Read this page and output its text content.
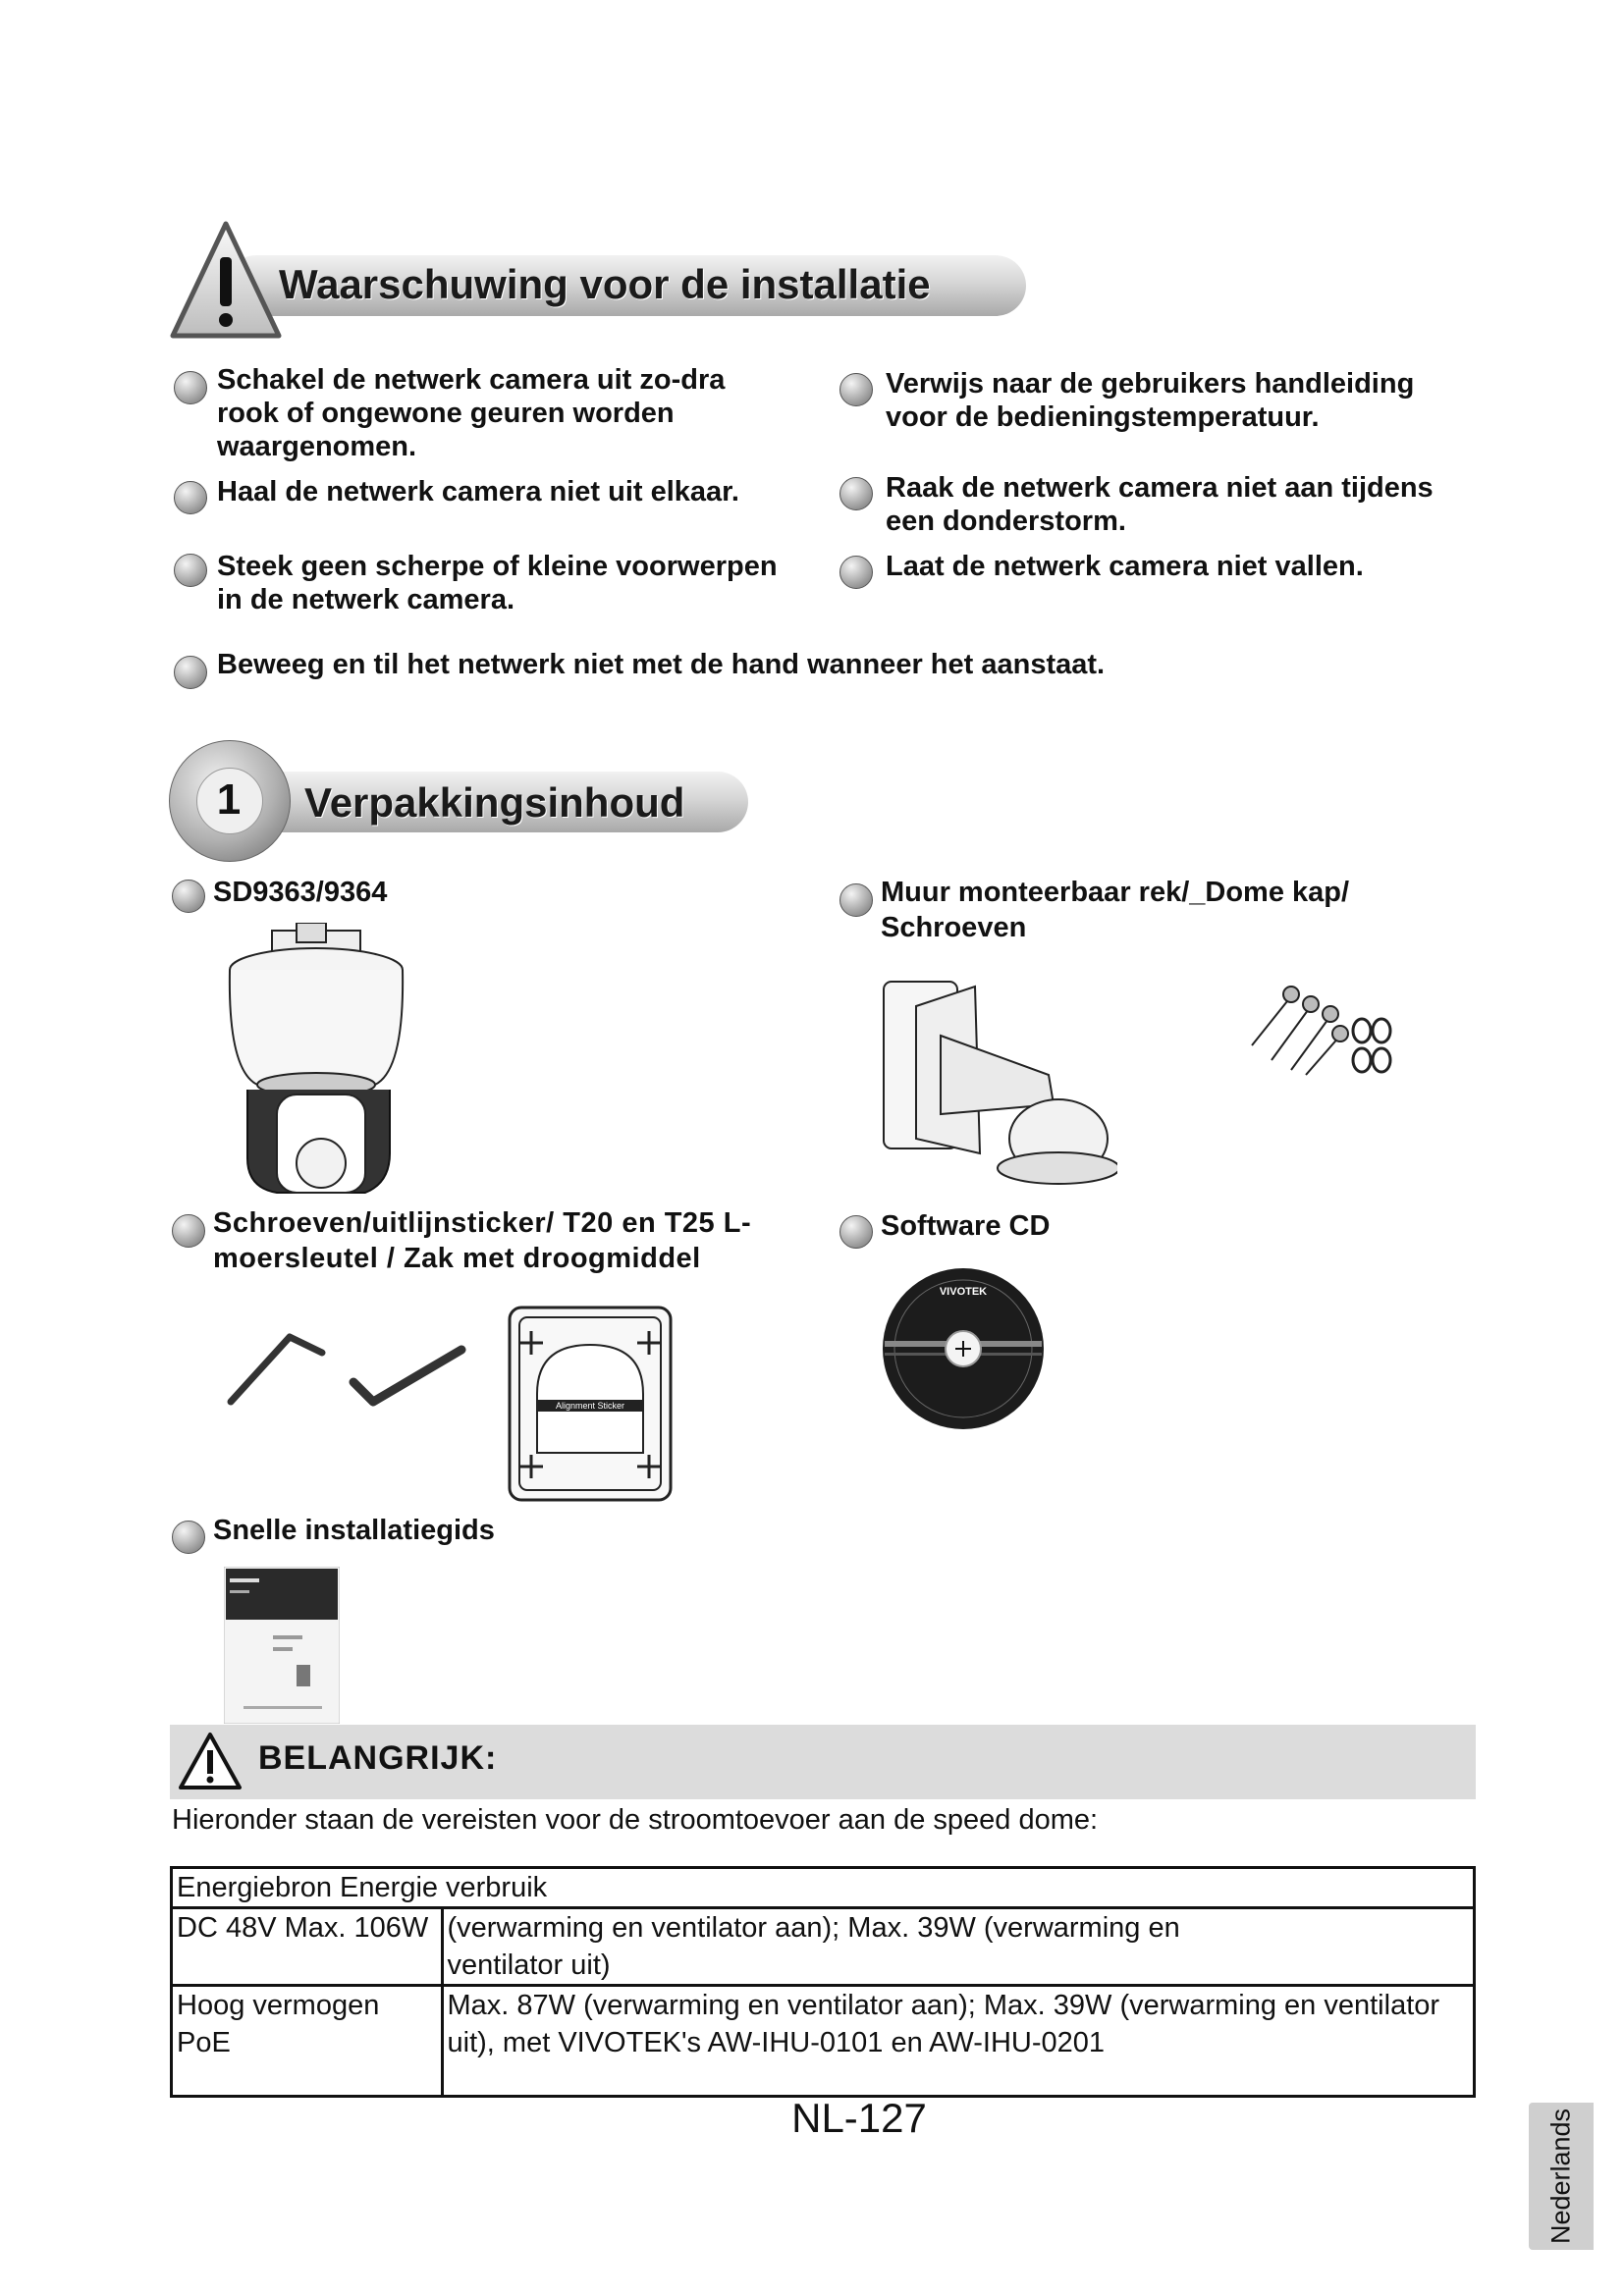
Waarschuwing voor de installatie
Schakel de netwerk camera uit zo-dra rook of ongewone geuren worden waargenomen.
Haal de netwerk camera niet uit elkaar.
Steek geen scherpe of kleine voorwerpen in de netwerk camera.
Verwijs naar de gebruikers handleiding voor de bedieningstemperatuur.
Raak de netwerk camera niet aan tijdens een donderstorm.
Laat de netwerk camera niet vallen.
Beweeg en til het netwerk niet met de hand wanneer het aanstaat.
1	Verpakkingsinhoud
SD9363/9364	Muur monteerbaar rek/_Dome kap/ Schroeven
Schroeven/uitlijnsticker/ T20 en T25 L-moersleutel / Zak met droogmiddel
Alignment Sticker
Software CD
VIVOTEK
Snelle installatiegids
BELANGRIJK:
Hieronder staan de vereisten voor de stroomtoevoer aan de speed dome:
Energiebron Energie	verbruik
DC 48V Max. 106W	(verwarming en ventilator aan); Max. 39W (verwarming en ventilator uit)
Hoog vermogen PoE	Max. 87W (verwarming en ventilator aan); Max. 39W (verwarming en ventilator uit), met VIVOTEK's AW-IHU-0101 en AW-IHU-0201
NL-127	Nederlands
